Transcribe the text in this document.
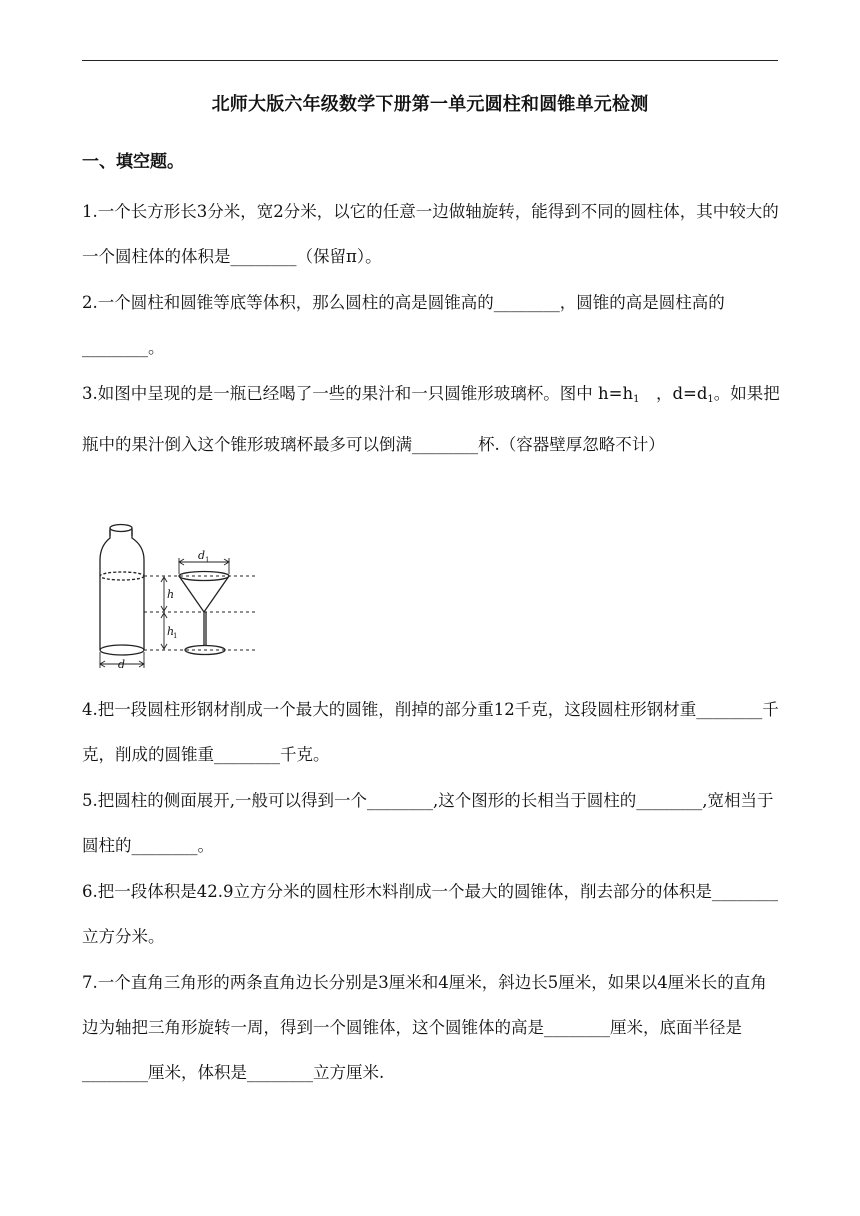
北师大版六年级数学下册第一单元圆柱和圆锥单元检测
一、填空题。

1.一个长方形长3分米，宽2分米，以它的任意一边做轴旋转，能得到不同的圆柱体，其中较大的一个圆柱体的体积是________（保留π）。

2.一个圆柱和圆锥等底等体积，那么圆柱的高是圆锥高的________，圆锥的高是圆柱高的________。

3.如图中呈现的是一瓶已经喝了一些的果汁和一只圆锥形玻璃杯。图中 $h=h_1$　，$d=d_1$。如果把瓶中的果汁倒入这个锥形玻璃杯最多可以倒满________杯.（容器壁厚忽略不计）

d 1
h
h
1
d

4.把一段圆柱形钢材削成一个最大的圆锥，削掉的部分重12千克，这段圆柱形钢材重________千克，削成的圆锥重________千克。

5.把圆柱的侧面展开,一般可以得到一个________,这个图形的长相当于圆柱的________,宽相当于圆柱的________。

6.把一段体积是42.9立方分米的圆柱形木料削成一个最大的圆锥体，削去部分的体积是________立方分米。

7.一个直角三角形的两条直角边长分别是3厘米和4厘米，斜边长5厘米，如果以4厘米长的直角边为轴把三角形旋转一周，得到一个圆锥体，这个圆锥体的高是________厘米，底面半径是________厘米，体积是________立方厘米.
